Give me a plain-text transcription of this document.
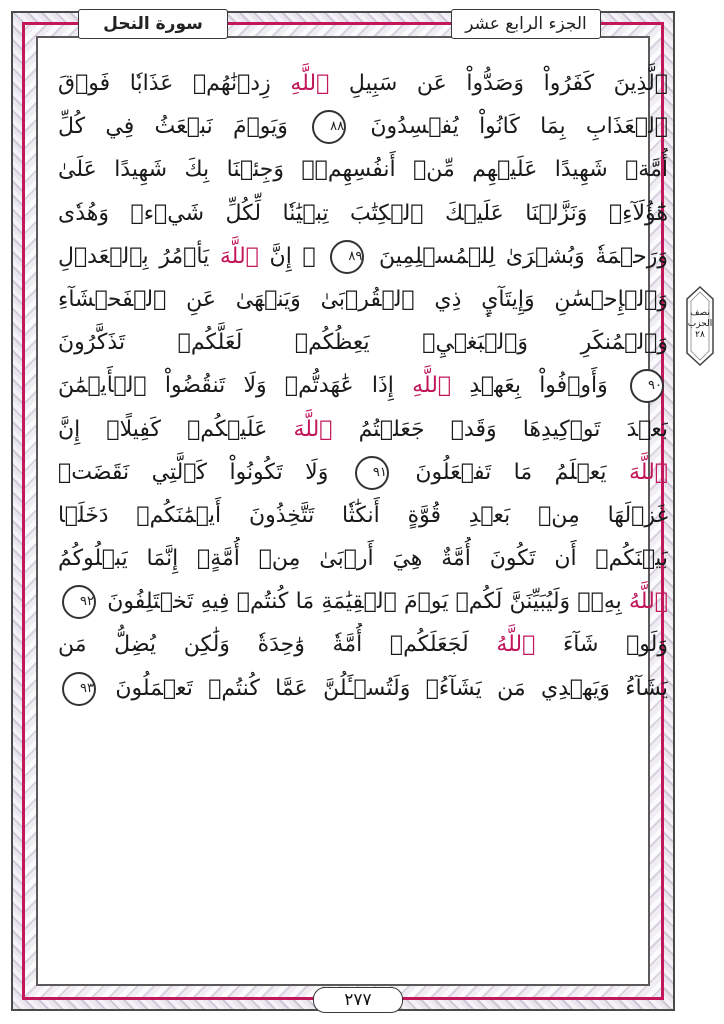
الجزء الرابع عشر
سورة النحل
ٱلَّذِينَ كَفَرُواْ وَصَدُّواْ عَن سَبِيلِ ٱللَّهِ زِدۡنَٰهُمۡ عَذَابٗا فَوۡقَ
ٱلۡعَذَابِ بِمَا كَانُواْ يُفۡسِدُونَ ٨٨ وَيَوۡمَ نَبۡعَثُ فِي كُلِّ
أُمَّةٖ شَهِيدًا عَلَيۡهِم مِّنۡ أَنفُسِهِمۡۖ وَجِئۡنَا بِكَ شَهِيدًا عَلَىٰ
هَٰٓؤُلَآءِۚ وَنَزَّلۡنَا عَلَيۡكَ ٱلۡكِتَٰبَ تِبۡيَٰنٗا لِّكُلِّ شَيۡءٖ وَهُدٗى
وَرَحۡمَةٗ وَبُشۡرَىٰ لِلۡمُسۡلِمِينَ ٨٩ ۞ إِنَّ ٱللَّهَ يَأۡمُرُ بِٱلۡعَدۡلِ
وَٱلۡإِحۡسَٰنِ وَإِيتَآيِٕ ذِي ٱلۡقُرۡبَىٰ وَيَنۡهَىٰ عَنِ ٱلۡفَحۡشَآءِ
وَٱلۡمُنكَرِ وَٱلۡبَغۡيِۚ يَعِظُكُمۡ لَعَلَّكُمۡ تَذَكَّرُونَ
٩٠ وَأَوۡفُواْ بِعَهۡدِ ٱللَّهِ إِذَا عَٰهَدتُّمۡ وَلَا تَنقُضُواْ ٱلۡأَيۡمَٰنَ
بَعۡدَ تَوۡكِيدِهَا وَقَدۡ جَعَلۡتُمُ ٱللَّهَ عَلَيۡكُمۡ كَفِيلًاۚ إِنَّ
ٱللَّهَ يَعۡلَمُ مَا تَفۡعَلُونَ ٩١ وَلَا تَكُونُواْ كَٱلَّتِي نَقَضَتۡ
غَزۡلَهَا مِنۢ بَعۡدِ قُوَّةٍ أَنكَٰثٗا تَتَّخِذُونَ أَيۡمَٰنَكُمۡ دَخَلَۢا
بَيۡنَكُمۡ أَن تَكُونَ أُمَّةٌ هِيَ أَرۡبَىٰ مِنۡ أُمَّةٍۚ إِنَّمَا يَبۡلُوكُمُ
ٱللَّهُ بِهِۦۚ وَلَيُبَيِّنَنَّ لَكُمۡ يَوۡمَ ٱلۡقِيَٰمَةِ مَا كُنتُمۡ فِيهِ تَخۡتَلِفُونَ ٩٢
وَلَوۡ شَآءَ ٱللَّهُ لَجَعَلَكُمۡ أُمَّةٗ وَٰحِدَةٗ وَلَٰكِن يُضِلُّ مَن
يَشَآءُ وَيَهۡدِي مَن يَشَآءُۚ وَلَتُسۡـَٔلُنَّ عَمَّا كُنتُمۡ تَعۡمَلُونَ ٩٣
نصف
الحزب
٢٨
٢٧٧
